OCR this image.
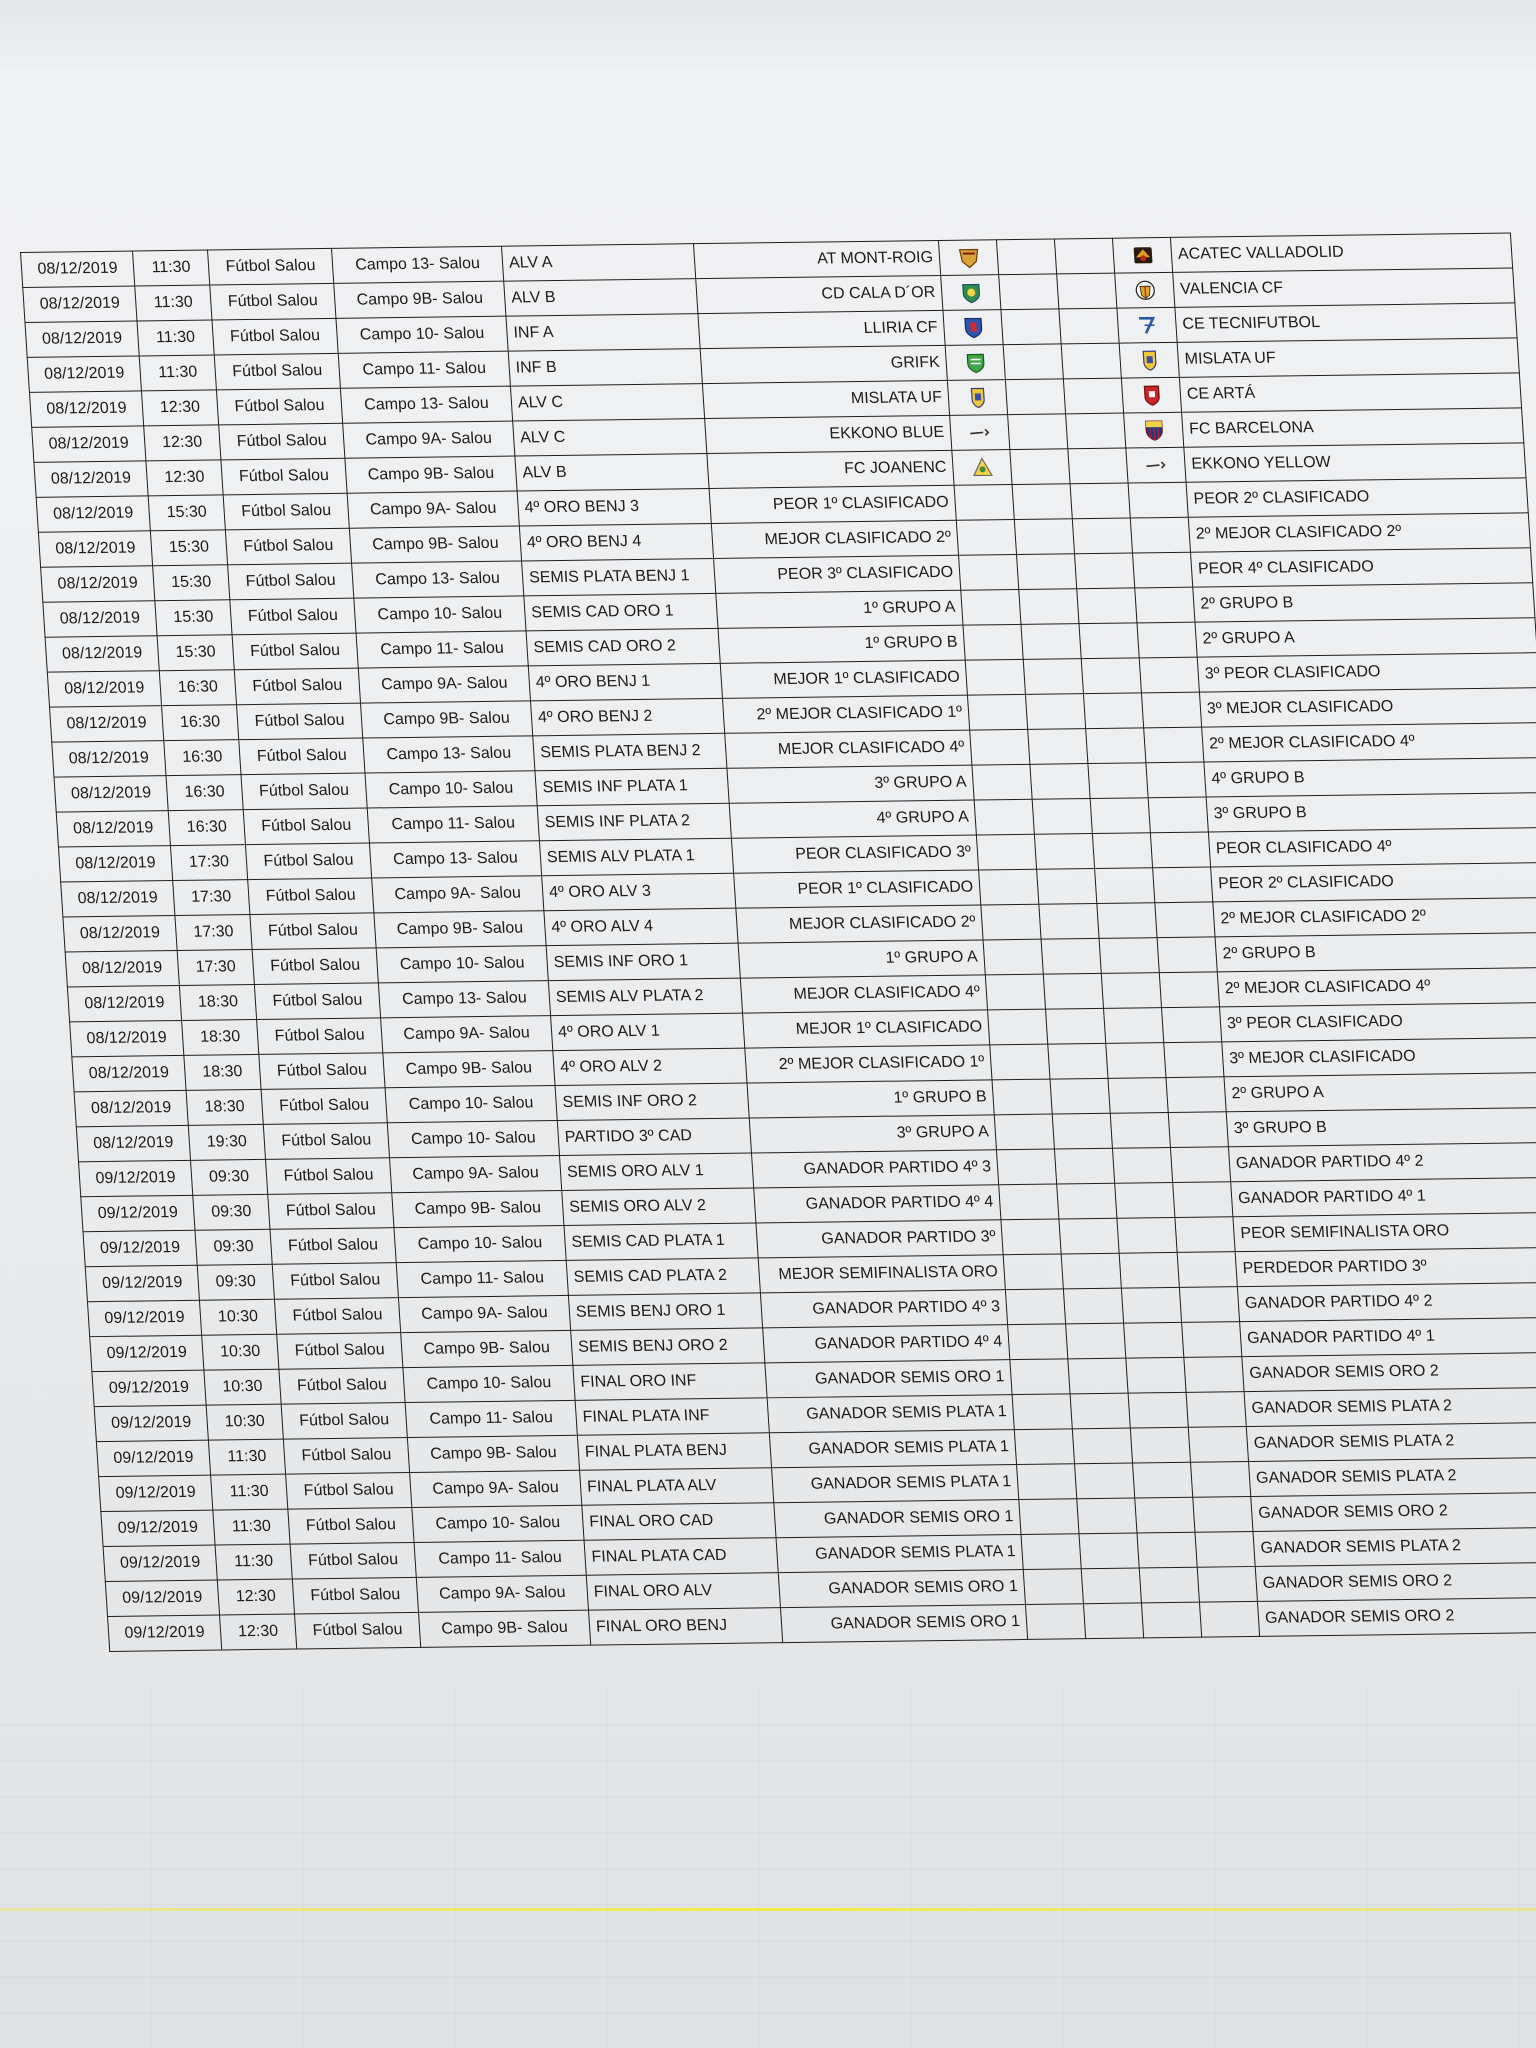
08/12/2019	11:30	Fútbol Salou	Campo 13- Salou	ALV A	AT MONT-ROIG					ACATEC VALLADOLID
08/12/2019	11:30	Fútbol Salou	Campo 9B- Salou	ALV B	CD CALA D´OR					VALENCIA CF
08/12/2019	11:30	Fútbol Salou	Campo 10- Salou	INF A	LLIRIA CF					CE TECNIFUTBOL
08/12/2019	11:30	Fútbol Salou	Campo 11- Salou	INF B	GRIFK					MISLATA UF
08/12/2019	12:30	Fútbol Salou	Campo 13- Salou	ALV C	MISLATA UF					CE ARTÁ
08/12/2019	12:30	Fútbol Salou	Campo 9A- Salou	ALV C	EKKONO BLUE					FC BARCELONA
08/12/2019	12:30	Fútbol Salou	Campo 9B- Salou	ALV B	FC JOANENC					EKKONO YELLOW
08/12/2019	15:30	Fútbol Salou	Campo 9A- Salou	4º ORO BENJ 3	PEOR 1º CLASIFICADO					PEOR 2º CLASIFICADO
08/12/2019	15:30	Fútbol Salou	Campo 9B- Salou	4º ORO BENJ 4	MEJOR CLASIFICADO 2º					2º MEJOR CLASIFICADO 2º
08/12/2019	15:30	Fútbol Salou	Campo 13- Salou	SEMIS PLATA BENJ 1	PEOR 3º CLASIFICADO					PEOR 4º CLASIFICADO
08/12/2019	15:30	Fútbol Salou	Campo 10- Salou	SEMIS CAD ORO 1	1º GRUPO A					2º GRUPO B
08/12/2019	15:30	Fútbol Salou	Campo 11- Salou	SEMIS CAD ORO 2	1º GRUPO B					2º GRUPO A
08/12/2019	16:30	Fútbol Salou	Campo 9A- Salou	4º ORO BENJ 1	MEJOR 1º CLASIFICADO					3º PEOR CLASIFICADO
08/12/2019	16:30	Fútbol Salou	Campo 9B- Salou	4º ORO BENJ 2	2º MEJOR CLASIFICADO 1º					3º MEJOR CLASIFICADO
08/12/2019	16:30	Fútbol Salou	Campo 13- Salou	SEMIS PLATA BENJ 2	MEJOR CLASIFICADO 4º					2º MEJOR CLASIFICADO 4º
08/12/2019	16:30	Fútbol Salou	Campo 10- Salou	SEMIS INF PLATA 1	3º GRUPO A					4º GRUPO B
08/12/2019	16:30	Fútbol Salou	Campo 11- Salou	SEMIS INF PLATA 2	4º GRUPO A					3º GRUPO B
08/12/2019	17:30	Fútbol Salou	Campo 13- Salou	SEMIS ALV PLATA 1	PEOR CLASIFICADO 3º					PEOR CLASIFICADO 4º
08/12/2019	17:30	Fútbol Salou	Campo 9A- Salou	4º ORO ALV 3	PEOR 1º CLASIFICADO					PEOR 2º CLASIFICADO
08/12/2019	17:30	Fútbol Salou	Campo 9B- Salou	4º ORO ALV 4	MEJOR CLASIFICADO 2º					2º MEJOR CLASIFICADO 2º
08/12/2019	17:30	Fútbol Salou	Campo 10- Salou	SEMIS INF ORO 1	1º GRUPO A					2º GRUPO B
08/12/2019	18:30	Fútbol Salou	Campo 13- Salou	SEMIS ALV PLATA 2	MEJOR CLASIFICADO 4º					2º MEJOR CLASIFICADO 4º
08/12/2019	18:30	Fútbol Salou	Campo 9A- Salou	4º ORO ALV 1	MEJOR 1º CLASIFICADO					3º PEOR CLASIFICADO
08/12/2019	18:30	Fútbol Salou	Campo 9B- Salou	4º ORO ALV 2	2º MEJOR CLASIFICADO 1º					3º MEJOR CLASIFICADO
08/12/2019	18:30	Fútbol Salou	Campo 10- Salou	SEMIS INF ORO 2	1º GRUPO B					2º GRUPO A
08/12/2019	19:30	Fútbol Salou	Campo 10- Salou	PARTIDO 3º CAD	3º GRUPO A					3º GRUPO B
09/12/2019	09:30	Fútbol Salou	Campo 9A- Salou	SEMIS ORO ALV 1	GANADOR PARTIDO 4º 3					GANADOR PARTIDO 4º 2
09/12/2019	09:30	Fútbol Salou	Campo 9B- Salou	SEMIS ORO ALV 2	GANADOR PARTIDO 4º 4					GANADOR PARTIDO 4º 1
09/12/2019	09:30	Fútbol Salou	Campo 10- Salou	SEMIS CAD PLATA 1	GANADOR PARTIDO 3º					PEOR SEMIFINALISTA ORO
09/12/2019	09:30	Fútbol Salou	Campo 11- Salou	SEMIS CAD PLATA 2	MEJOR SEMIFINALISTA ORO					PERDEDOR PARTIDO 3º
09/12/2019	10:30	Fútbol Salou	Campo 9A- Salou	SEMIS BENJ ORO 1	GANADOR PARTIDO 4º 3					GANADOR PARTIDO 4º 2
09/12/2019	10:30	Fútbol Salou	Campo 9B- Salou	SEMIS BENJ ORO 2	GANADOR PARTIDO 4º 4					GANADOR PARTIDO 4º 1
09/12/2019	10:30	Fútbol Salou	Campo 10- Salou	FINAL ORO INF	GANADOR SEMIS ORO 1					GANADOR SEMIS ORO 2
09/12/2019	10:30	Fútbol Salou	Campo 11- Salou	FINAL PLATA INF	GANADOR SEMIS PLATA 1					GANADOR SEMIS PLATA 2
09/12/2019	11:30	Fútbol Salou	Campo 9B- Salou	FINAL PLATA BENJ	GANADOR SEMIS PLATA 1					GANADOR SEMIS PLATA 2
09/12/2019	11:30	Fútbol Salou	Campo 9A- Salou	FINAL PLATA ALV	GANADOR SEMIS PLATA 1					GANADOR SEMIS PLATA 2
09/12/2019	11:30	Fútbol Salou	Campo 10- Salou	FINAL ORO CAD	GANADOR SEMIS ORO 1					GANADOR SEMIS ORO 2
09/12/2019	11:30	Fútbol Salou	Campo 11- Salou	FINAL PLATA CAD	GANADOR SEMIS PLATA 1					GANADOR SEMIS PLATA 2
09/12/2019	12:30	Fútbol Salou	Campo 9A- Salou	FINAL ORO ALV	GANADOR SEMIS ORO 1					GANADOR SEMIS ORO 2
09/12/2019	12:30	Fútbol Salou	Campo 9B- Salou	FINAL ORO BENJ	GANADOR SEMIS ORO 1					GANADOR SEMIS ORO 2
